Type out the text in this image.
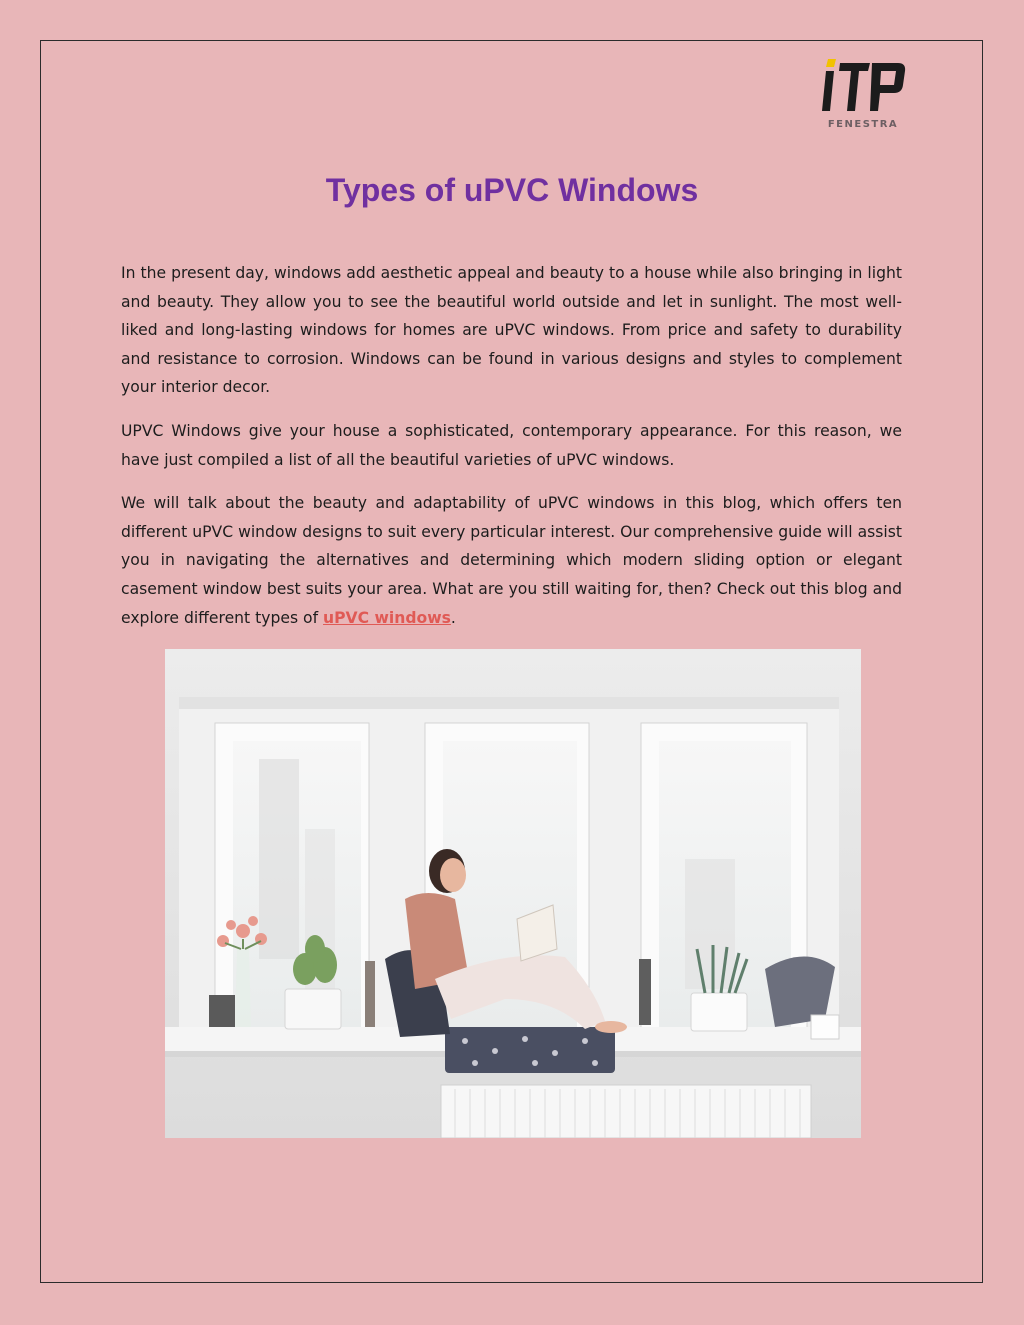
FENESTRA
Types of uPVC Windows

In the present day, windows add aesthetic appeal and beauty to a house while also bringing in light and beauty. They allow you to see the beautiful world outside and let in sunlight. The most well-liked and long-lasting windows for homes are uPVC windows. From price and safety to durability and resistance to corrosion. Windows can be found in various designs and styles to complement your interior decor.

UPVC Windows give your house a sophisticated, contemporary appearance. For this reason, we have just compiled a list of all the beautiful varieties of uPVC windows.

We will talk about the beauty and adaptability of uPVC windows in this blog, which offers ten different uPVC window designs to suit every particular interest. Our comprehensive guide will assist you in navigating the alternatives and determining which modern sliding option or elegant casement window best suits your area. What are you still waiting for, then? Check out this blog and explore different types of uPVC windows.
